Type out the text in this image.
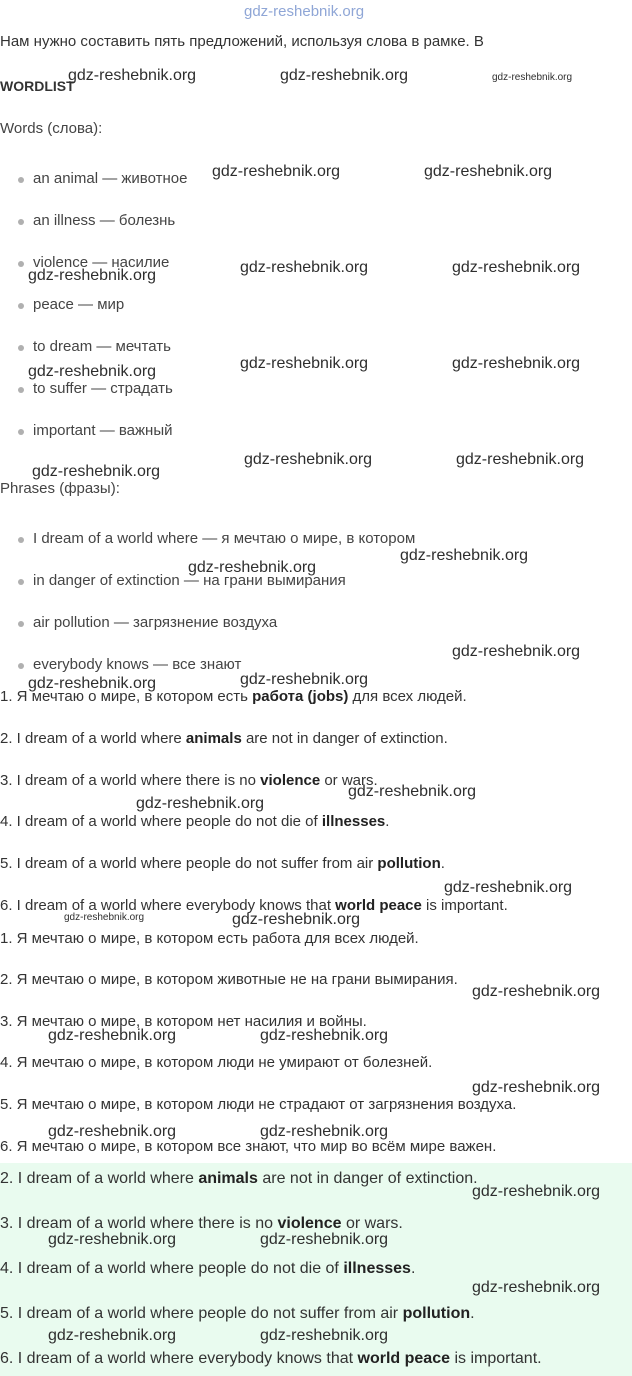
gdz-reshebnik.org
Нам нужно составить пять предложений, используя слова в рамке. В
WORDLIST
Words (слова):
an animal — животное
an illness — болезнь
violence — насилие
peace — мир
to dream — мечтать
to suffer — страдать
important — важный
Phrases (фразы):
I dream of a world where — я мечтаю о мире, в котором
in danger of extinction — на грани вымирания
air pollution — загрязнение воздуха
everybody knows — все знают
1. Я мечтаю о мире, в котором есть работа (jobs) для всех людей.
2. I dream of a world where animals are not in danger of extinction.
3. I dream of a world where there is no violence or wars.
4. I dream of a world where people do not die of illnesses.
5. I dream of a world where people do not suffer from air pollution.
6. I dream of a world where everybody knows that world peace is important.
1. Я мечтаю о мире, в котором есть работа для всех людей.
2. Я мечтаю о мире, в котором животные не на грани вымирания.
3. Я мечтаю о мире, в котором нет насилия и войны.
4. Я мечтаю о мире, в котором люди не умирают от болезней.
5. Я мечтаю о мире, в котором люди не страдают от загрязнения воздуха.
6. Я мечтаю о мире, в котором все знают, что мир во всём мире важен.
2. I dream of a world where animals are not in danger of extinction.
3. I dream of a world where there is no violence or wars.
4. I dream of a world where people do not die of illnesses.
5. I dream of a world where people do not suffer from air pollution.
6. I dream of a world where everybody knows that world peace is important.
gdz-reshebnik.org	gdz-reshebnik.org	gdz-reshebnik.org
gdz-reshebnik.org	gdz-reshebnik.org
gdz-reshebnik.org	gdz-reshebnik.org	gdz-reshebnik.org
gdz-reshebnik.org	gdz-reshebnik.org	gdz-reshebnik.org
gdz-reshebnik.org
gdz-reshebnik.org	gdz-reshebnik.org
gdz-reshebnik.org
gdz-reshebnik.org
gdz-reshebnik.org
gdz-reshebnik.org	gdz-reshebnik.org
gdz-reshebnik.org
gdz-reshebnik.org
gdz-reshebnik.org
gdz-reshebnik.org	gdz-reshebnik.org
gdz-reshebnik.org
gdz-reshebnik.org	gdz-reshebnik.org
gdz-reshebnik.org
gdz-reshebnik.org	gdz-reshebnik.org
gdz-reshebnik.org
gdz-reshebnik.org	gdz-reshebnik.org
gdz-reshebnik.org
gdz-reshebnik.org	gdz-reshebnik.org
